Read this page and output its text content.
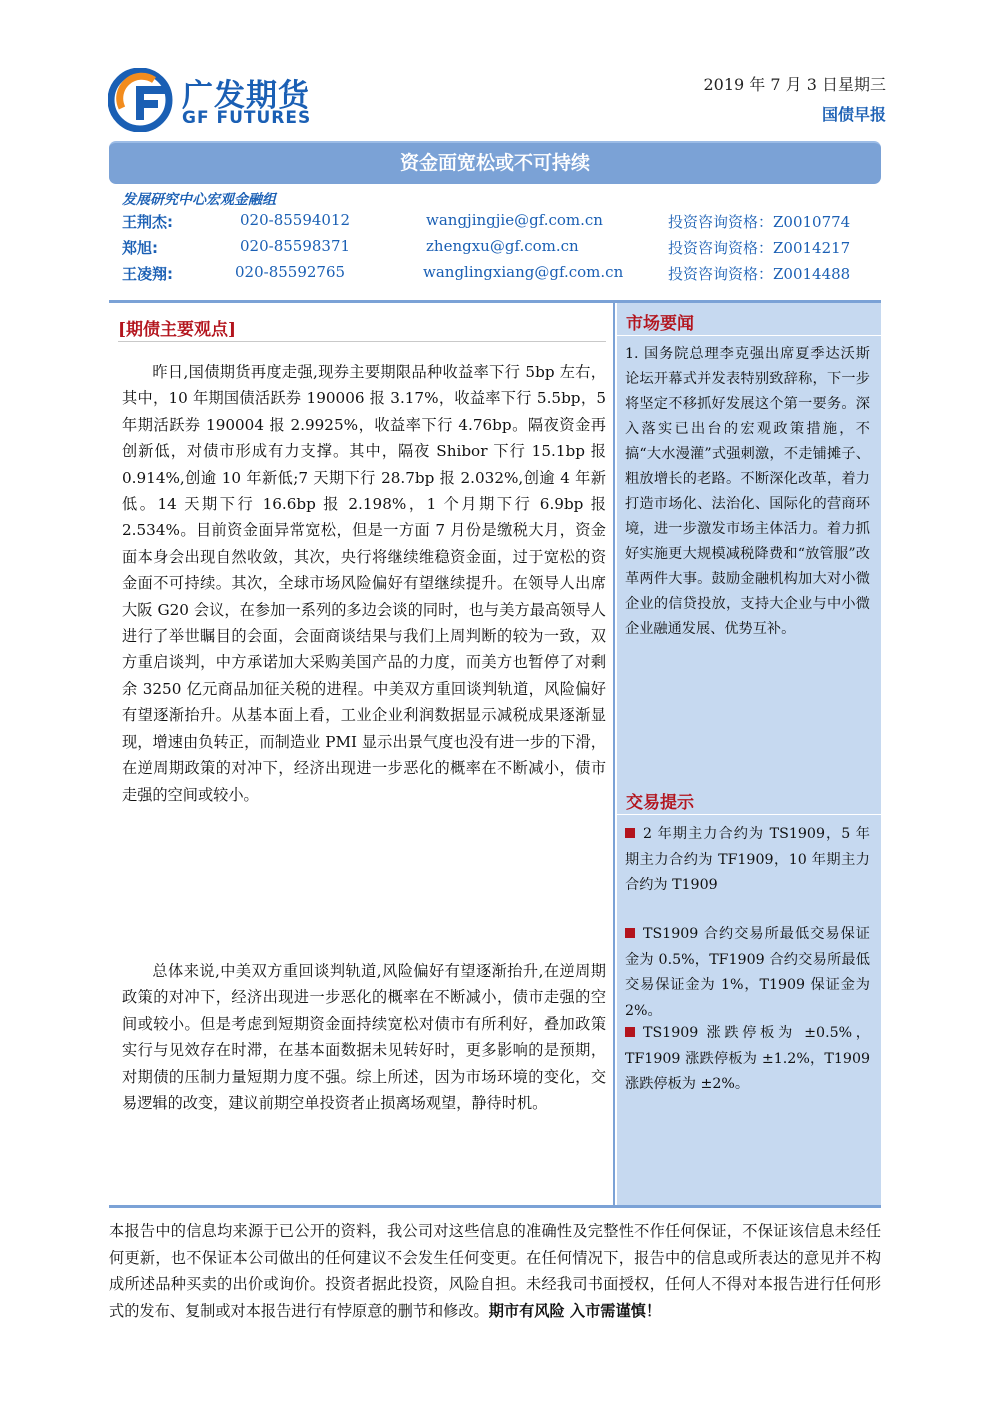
广发期货
GF FUTURES
2019 年 7 月 3 日星期三
国债早报
资金面宽松或不可持续
发展研究中心宏观金融组
王荆杰:	020-85594012	wangjingjie@gf.com.cn	投资咨询资格：Z0010774
郑旭:	020-85598371	zhengxu@gf.com.cn	投资咨询资格：Z0014217
王凌翔:	020-85592765	wanglingxiang@gf.com.cn	投资咨询资格：Z0014488
[期债主要观点]

昨日,国债期货再度走强,现券主要期限品种收益率下行 5bp 左右，其中，10 年期国债活跃券 190006 报 3.17%，收益率下行 5.5bp，5 年期活跃券 190004 报 2.9925%，收益率下行 4.76bp。隔夜资金再创新低，对债市形成有力支撑。其中，隔夜 Shibor 下行 15.1bp 报 0.914%,创逾 10 年新低;7 天期下行 28.7bp 报 2.032%,创逾 4 年新低。14 天期下行 16.6bp 报 2.198%，1 个月期下行 6.9bp 报 2.534%。目前资金面异常宽松，但是一方面 7 月份是缴税大月，资金面本身会出现自然收敛，其次，央行将继续维稳资金面，过于宽松的资金面不可持续。其次，全球市场风险偏好有望继续提升。在领导人出席大阪 G20 会议，在参加一系列的多边会谈的同时，也与美方最高领导人进行了举世瞩目的会面，会面商谈结果与我们上周判断的较为一致，双方重启谈判，中方承诺加大采购美国产品的力度，而美方也暂停了对剩余 3250 亿元商品加征关税的进程。中美双方重回谈判轨道，风险偏好有望逐渐抬升。从基本面上看，工业企业利润数据显示减税成果逐渐显现，增速由负转正，而制造业 PMI 显示出景气度也没有进一步的下滑，在逆周期政策的对冲下，经济出现进一步恶化的概率在不断减小，债市走强的空间或较小。

总体来说,中美双方重回谈判轨道,风险偏好有望逐渐抬升,在逆周期政策的对冲下，经济出现进一步恶化的概率在不断减小，债市走强的空间或较小。但是考虑到短期资金面持续宽松对债市有所利好，叠加政策实行与见效存在时滞，在基本面数据未见转好时，更多影响的是预期，对期债的压制力量短期力度不强。综上所述，因为市场环境的变化，交易逻辑的改变，建议前期空单投资者止损离场观望，静待时机。

市场要闻
1. 国务院总理李克强出席夏季达沃斯论坛开幕式并发表特别致辞称，下一步将坚定不移抓好发展这个第一要务。深入落实已出台的宏观政策措施，不搞“大水漫灌”式强刺激，不走铺摊子、粗放增长的老路。不断深化改革，着力打造市场化、法治化、国际化的营商环境，进一步激发市场主体活力。着力抓好实施更大规模减税降费和“放管服”改革两件大事。鼓励金融机构加大对小微企业的信贷投放，支持大企业与中小微企业融通发展、优势互补。
交易提示
2 年期主力合约为 TS1909，5 年期主力合约为 TF1909，10 年期主力合约为 T1909
TS1909 合约交易所最低交易保证金为 0.5%，TF1909 合约交易所最低交易保证金为 1%，T1909 保证金为 2%。
TS1909 涨跌停板为 ±0.5%，TF1909 涨跌停板为 ±1.2%，T1909 涨跌停板为 ±2%。
本报告中的信息均来源于已公开的资料，我公司对这些信息的准确性及完整性不作任何保证，不保证该信息未经任何更新，也不保证本公司做出的任何建议不会发生任何变更。在任何情况下，报告中的信息或所表达的意见并不构成所述品种买卖的出价或询价。投资者据此投资，风险自担。未经我司书面授权，任何人不得对本报告进行任何形式的发布、复制或对本报告进行有悖原意的删节和修改。期市有风险 入市需谨慎！
